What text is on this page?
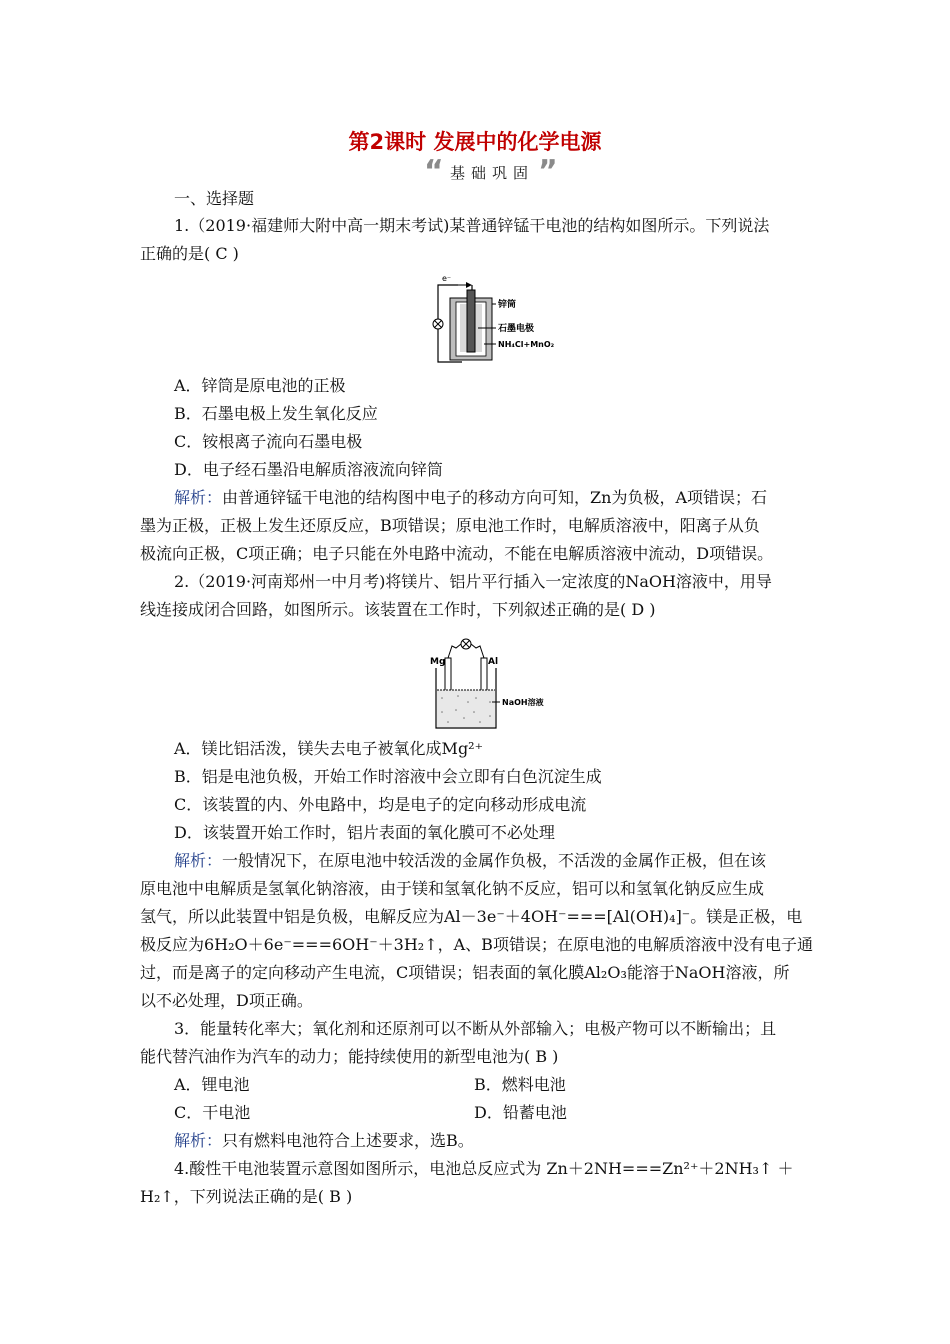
第2课时 发展中的化学电源
“ 基础巩固 ”
一、选择题
1.（2019·福建师大附中高一期末考试)某普通锌锰干电池的结构如图所示。下列说法
正确的是( C )
e⁻
锌筒
石墨电极
NH₄Cl+MnO₂
A．锌筒是原电池的正极
B．石墨电极上发生氧化反应
C．铵根离子流向石墨电极
D．电子经石墨沿电解质溶液流向锌筒
解析：由普通锌锰干电池的结构图中电子的移动方向可知，Zn为负极，A项错误；石
墨为正极，正极上发生还原反应，B项错误；原电池工作时，电解质溶液中，阳离子从负
极流向正极，C项正确；电子只能在外电路中流动，不能在电解质溶液中流动，D项错误。
2.（2019·河南郑州一中月考)将镁片、铝片平行插入一定浓度的NaOH溶液中，用导
线连接成闭合回路，如图所示。该装置在工作时，下列叙述正确的是( D )
Mg	Al
NaOH溶液
A．镁比铝活泼，镁失去电子被氧化成Mg²⁺
B．铝是电池负极，开始工作时溶液中会立即有白色沉淀生成
C．该装置的内、外电路中，均是电子的定向移动形成电流
D．该装置开始工作时，铝片表面的氧化膜可不必处理
解析：一般情况下，在原电池中较活泼的金属作负极，不活泼的金属作正极，但在该
原电池中电解质是氢氧化钠溶液，由于镁和氢氧化钠不反应，铝可以和氢氧化钠反应生成
氢气，所以此装置中铝是负极，电解反应为Al－3e⁻＋4OH⁻===[Al(OH)₄]⁻。镁是正极，电
极反应为6H₂O＋6e⁻===6OH⁻＋3H₂↑，A、B项错误；在原电池的电解质溶液中没有电子通
过，而是离子的定向移动产生电流，C项错误；铝表面的氧化膜Al₂O₃能溶于NaOH溶液，所
以不必处理，D项正确。
3．能量转化率大；氧化剂和还原剂可以不断从外部输入；电极产物可以不断输出；且
能代替汽油作为汽车的动力；能持续使用的新型电池为( B )
A．锂电池	B．燃料电池
C．干电池	D．铅蓄电池
解析：只有燃料电池符合上述要求，选B。
4.酸性干电池装置示意图如图所示，电池总反应式为 Zn＋2NH===Zn²⁺＋2NH₃↑ ＋
H₂↑，下列说法正确的是( B )
